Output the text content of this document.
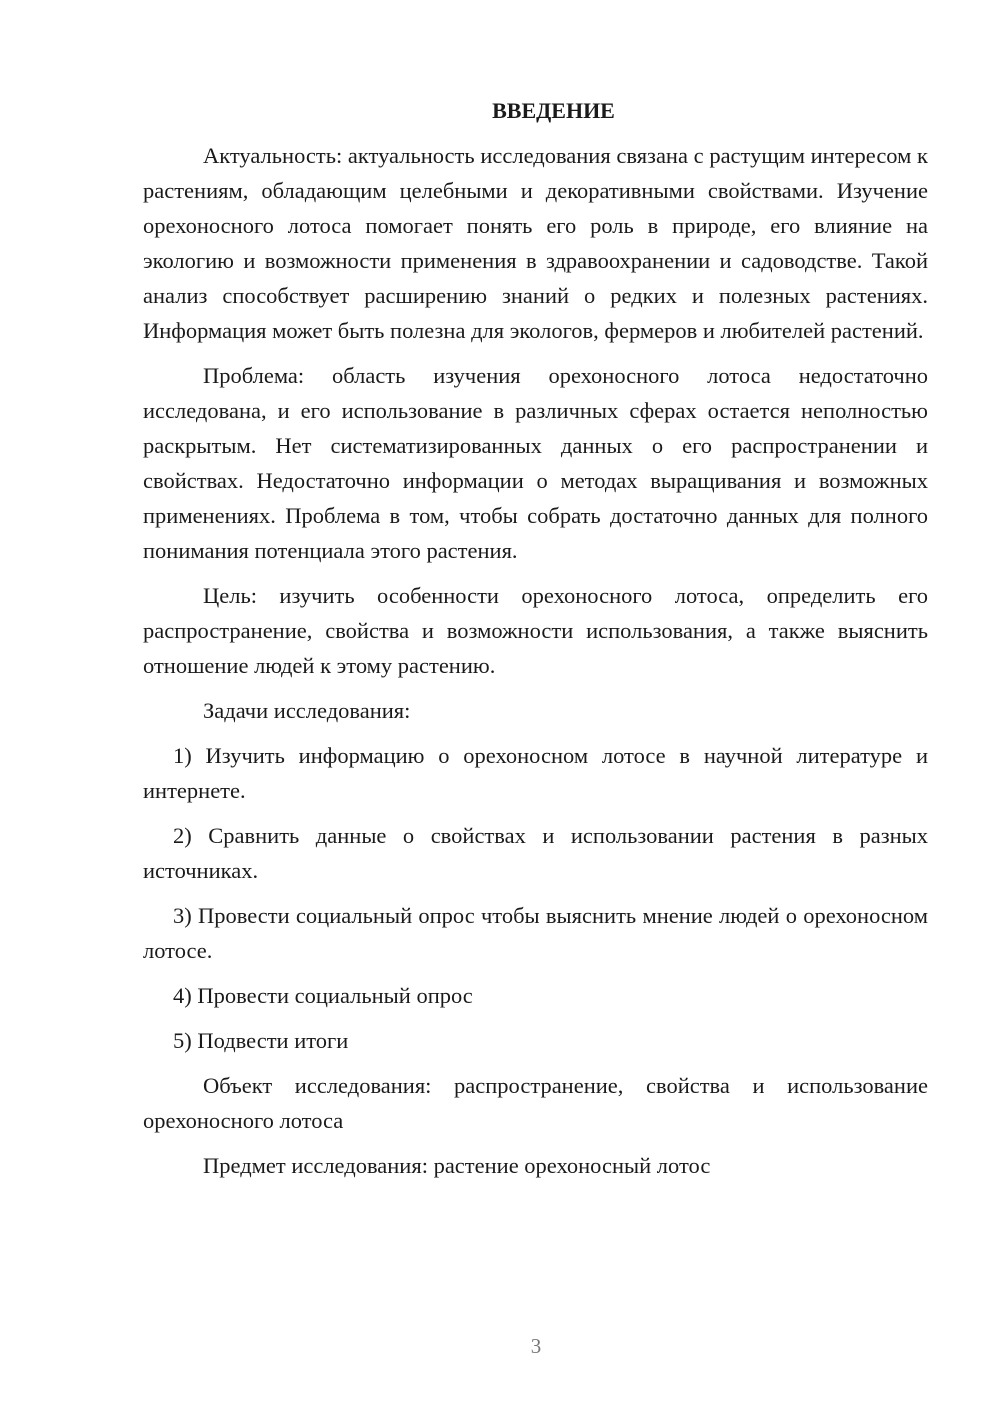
ВВЕДЕНИЕ

Актуальность: актуальность исследования связана с растущим интересом к растениям, обладающим целебными и декоративными свойствами. Изучение орехоносного лотоса помогает понять его роль в природе, его влияние на экологию и возможности применения в здравоохранении и садоводстве. Такой анализ способствует расширению знаний о редких и полезных растениях. Информация может быть полезна для экологов, фермеров и любителей растений.

Проблема: область изучения орехоносного лотоса недостаточно исследована, и его использование в различных сферах остается неполностью раскрытым. Нет систематизированных данных о его распространении и свойствах. Недостаточно информации о методах выращивания и возможных применениях. Проблема в том, чтобы собрать достаточно данных для полного понимания потенциала этого растения.

Цель: изучить особенности орехоносного лотоса, определить его распространение, свойства и возможности использования, а также выяснить отношение людей к этому растению.

Задачи исследования:

1) Изучить информацию о орехоносном лотосе в научной литературе и интернете.

2) Сравнить данные о свойствах и использовании растения в разных источниках.

3) Провести социальный опрос чтобы выяснить мнение людей о орехоносном лотосе.

4) Провести социальный опрос

5) Подвести итоги

Объект исследования: распространение, свойства и использование орехоносного лотоса

Предмет исследования: растение орехоносный лотос

3
